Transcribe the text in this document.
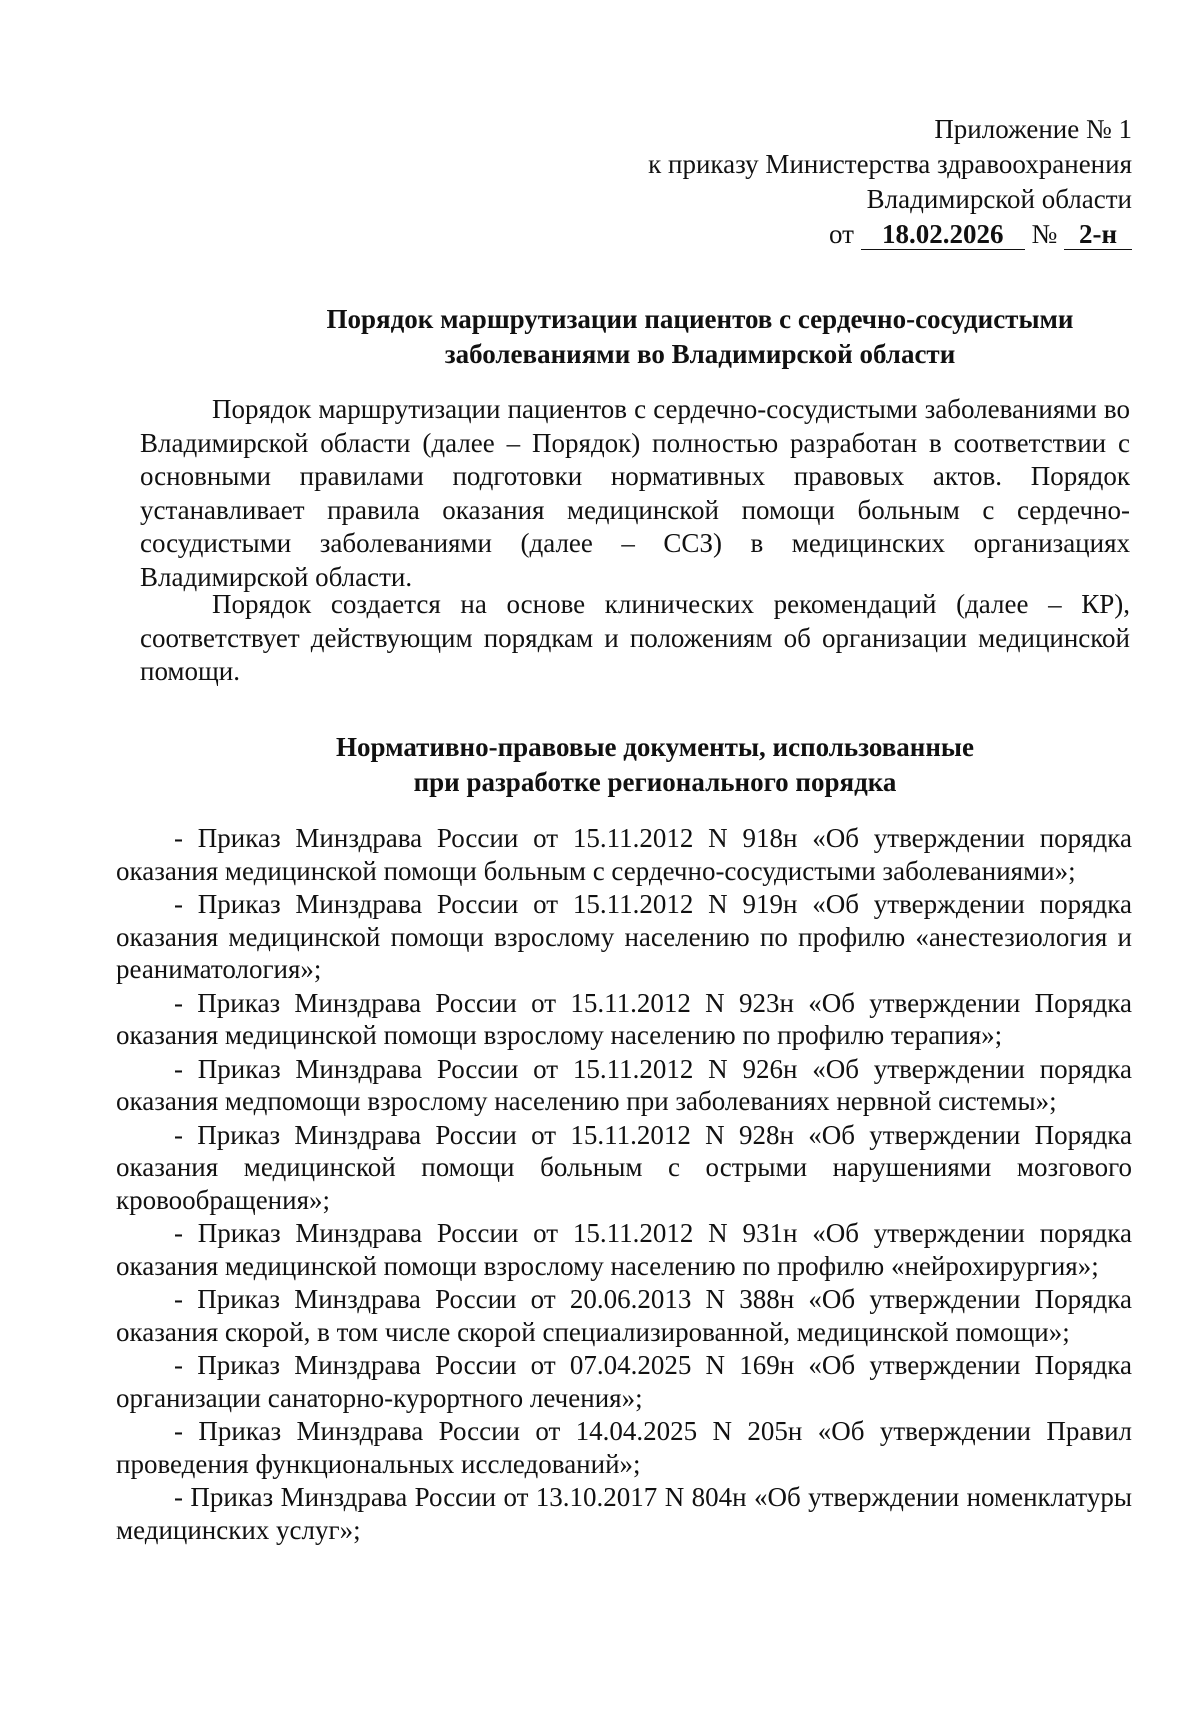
Приложение № 1
к приказу Министерства здравоохранения
Владимирской области
от 18.02.2026 № 2-н
Порядок маршрутизации пациентов с сердечно-сосудистыми
заболеваниями во Владимирской области

Порядок маршрутизации пациентов с сердечно-сосудистыми заболеваниями во Владимирской области (далее – Порядок) полностью разработан в соответствии с основными правилами подготовки нормативных правовых актов. Порядок устанавливает правила оказания медицинской помощи больным с сердечно-сосудистыми заболеваниями (далее – ССЗ) в медицинских организациях Владимирской области.

Порядок создается на основе клинических рекомендаций (далее – КР), соответствует действующим порядкам и положениям об организации медицинской помощи.

Нормативно-правовые документы, использованные
при разработке регионального порядка
- Приказ Минздрава России от 15.11.2012 N 918н «Об утверждении порядка оказания медицинской помощи больным с сердечно-сосудистыми заболеваниями»;
- Приказ Минздрава России от 15.11.2012 N 919н «Об утверждении порядка оказания медицинской помощи взрослому населению по профилю «анестезиология и реаниматология»;
- Приказ Минздрава России от 15.11.2012 N 923н «Об утверждении Порядка оказания медицинской помощи взрослому населению по профилю терапия»;
- Приказ Минздрава России от 15.11.2012 N 926н «Об утверждении порядка оказания медпомощи взрослому населению при заболеваниях нервной системы»;
- Приказ Минздрава России от 15.11.2012 N 928н «Об утверждении Порядка оказания медицинской помощи больным с острыми нарушениями мозгового кровообращения»;
- Приказ Минздрава России от 15.11.2012 N 931н «Об утверждении порядка оказания медицинской помощи взрослому населению по профилю «нейрохирургия»;
- Приказ Минздрава России от 20.06.2013 N 388н «Об утверждении Порядка оказания скорой, в том числе скорой специализированной, медицинской помощи»;
- Приказ Минздрава России от 07.04.2025 N 169н «Об утверждении Порядка организации санаторно-курортного лечения»;
- Приказ Минздрава России от 14.04.2025 N 205н «Об утверждении Правил проведения функциональных исследований»;
- Приказ Минздрава России от 13.10.2017 N 804н «Об утверждении номенклатуры медицинских услуг»;
